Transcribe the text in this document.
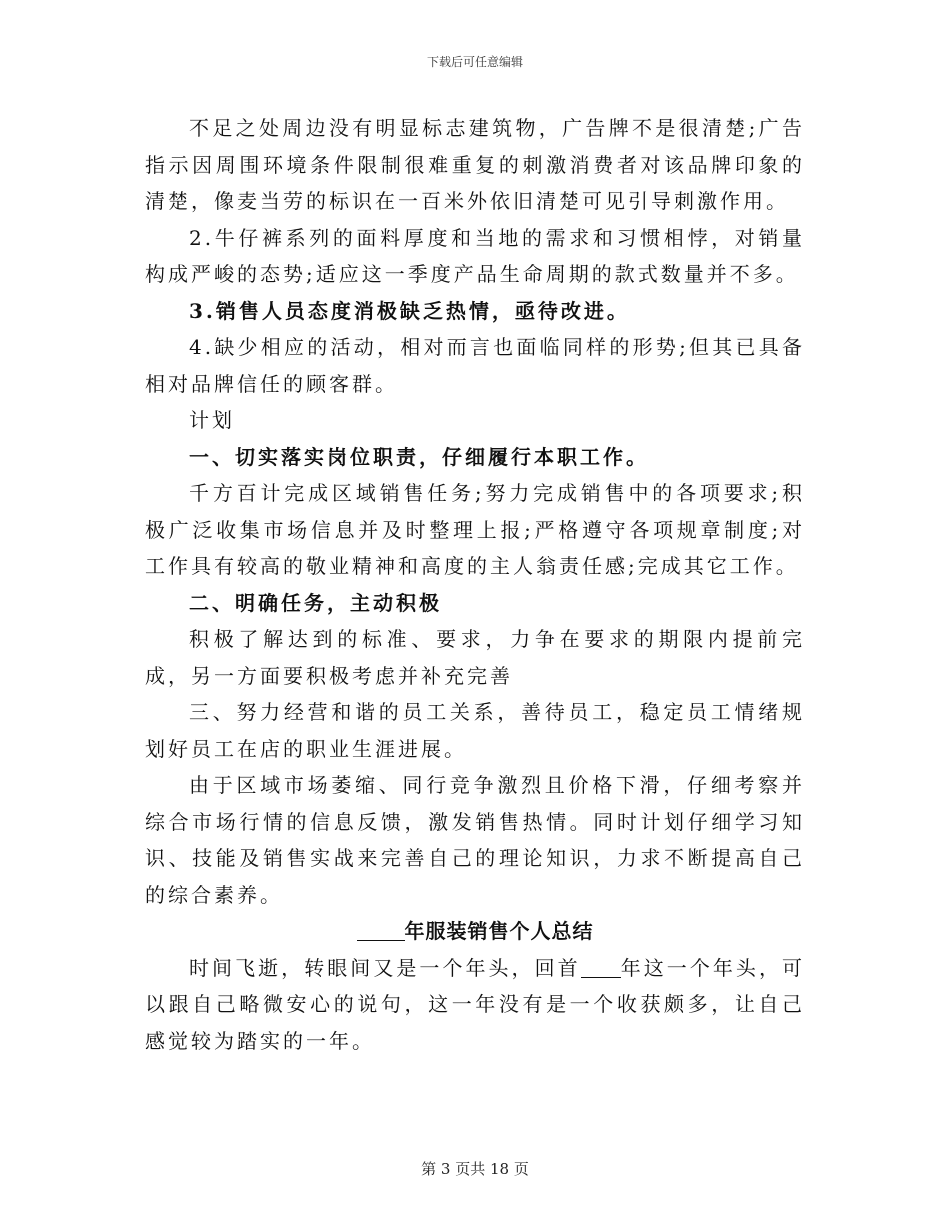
下载后可任意编辑

不足之处周边没有明显标志建筑物，广告牌不是很清楚;广告指示因周围环境条件限制很难重复的刺激消费者对该品牌印象的清楚，像麦当劳的标识在一百米外依旧清楚可见引导刺激作用。

2.牛仔裤系列的面料厚度和当地的需求和习惯相悖，对销量构成严峻的态势;适应这一季度产品生命周期的款式数量并不多。

3.销售人员态度消极缺乏热情，亟待改进。

4.缺少相应的活动，相对而言也面临同样的形势;但其已具备相对品牌信任的顾客群。

计划

一、切实落实岗位职责，仔细履行本职工作。

千方百计完成区域销售任务;努力完成销售中的各项要求;积极广泛收集市场信息并及时整理上报;严格遵守各项规章制度;对工作具有较高的敬业精神和高度的主人翁责任感;完成其它工作。

二、明确任务，主动积极

积极了解达到的标准、要求，力争在要求的期限内提前完成，另一方面要积极考虑并补充完善

三、努力经营和谐的员工关系，善待员工，稳定员工情绪规划好员工在店的职业生涯进展。

由于区域市场萎缩、同行竞争激烈且价格下滑，仔细考察并综合市场行情的信息反馈，激发销售热情。同时计划仔细学习知识、技能及销售实战来完善自己的理论知识，力求不断提高自己的综合素养。

年服装销售个人总结

时间飞逝，转眼间又是一个年头，回首 年这一个年头，可以跟自己略微安心的说句，这一年没有是一个收获颇多，让自己感觉较为踏实的一年。

第 3 页共 18 页
